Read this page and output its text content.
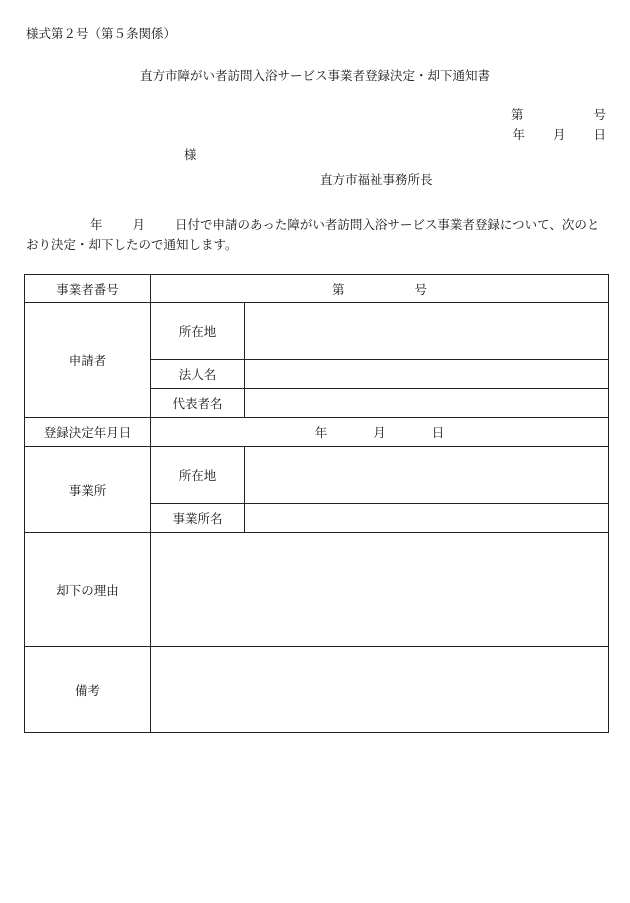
様式第２号（第５条関係）
直方市障がい者訪問入浴サービス事業者登録決定・却下通知書
第	号
年 月 日
様
直方市福祉事務所長
年 月 日付で申請のあった障がい者訪問入浴サービス事業者登録について、次のとおり決定・却下したので通知します。
事業者番号	第 号	
申請者	所在地	
	法人名	
	代表者名	
登録決定年月日	年 月 日	
事業所	所在地	
	事業所名	
却下の理由		
備考		
